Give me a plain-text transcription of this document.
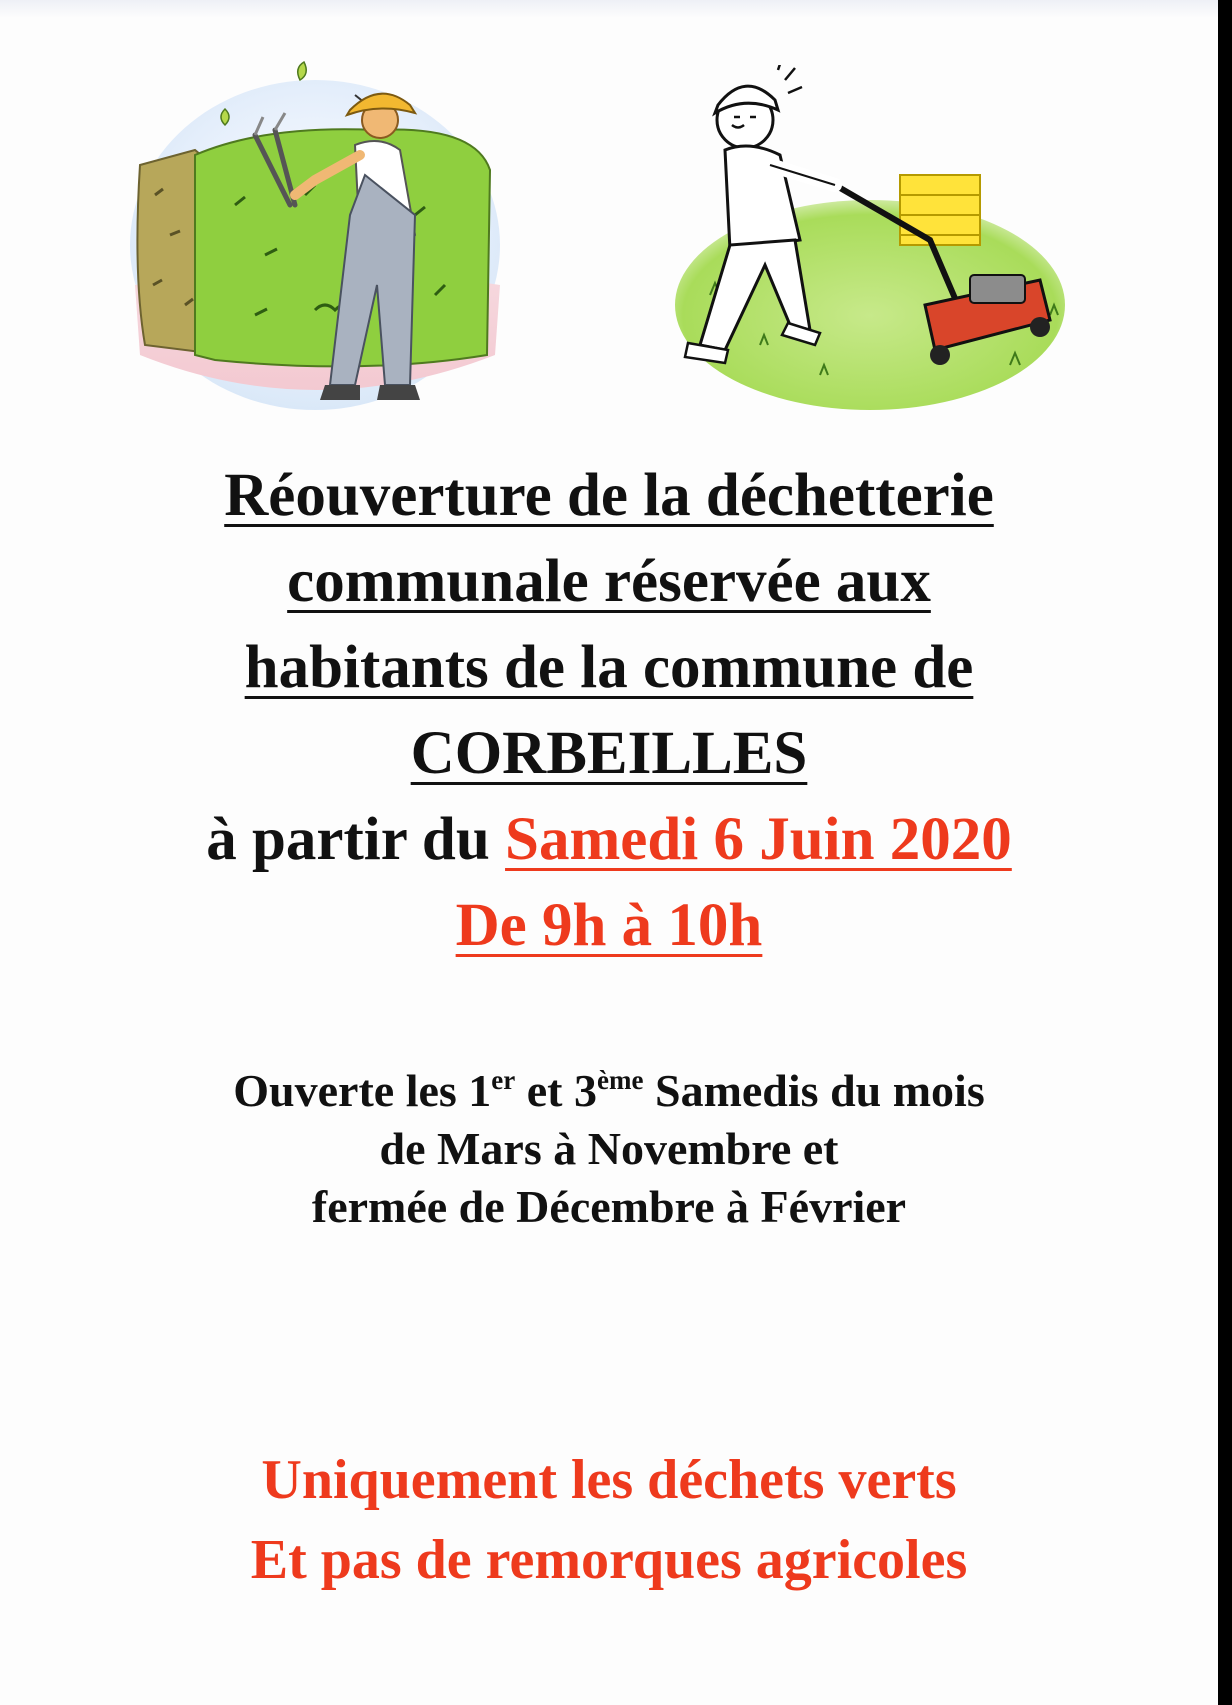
Réouverture de la déchetterie
communale réservée aux
habitants de la commune de
CORBEILLES
à partir du Samedi 6 Juin 2020
De 9h à 10h
Ouverte les 1er et 3ème Samedis du mois
de Mars à Novembre et
fermée de Décembre à Février
Uniquement les déchets verts
Et pas de remorques agricoles
